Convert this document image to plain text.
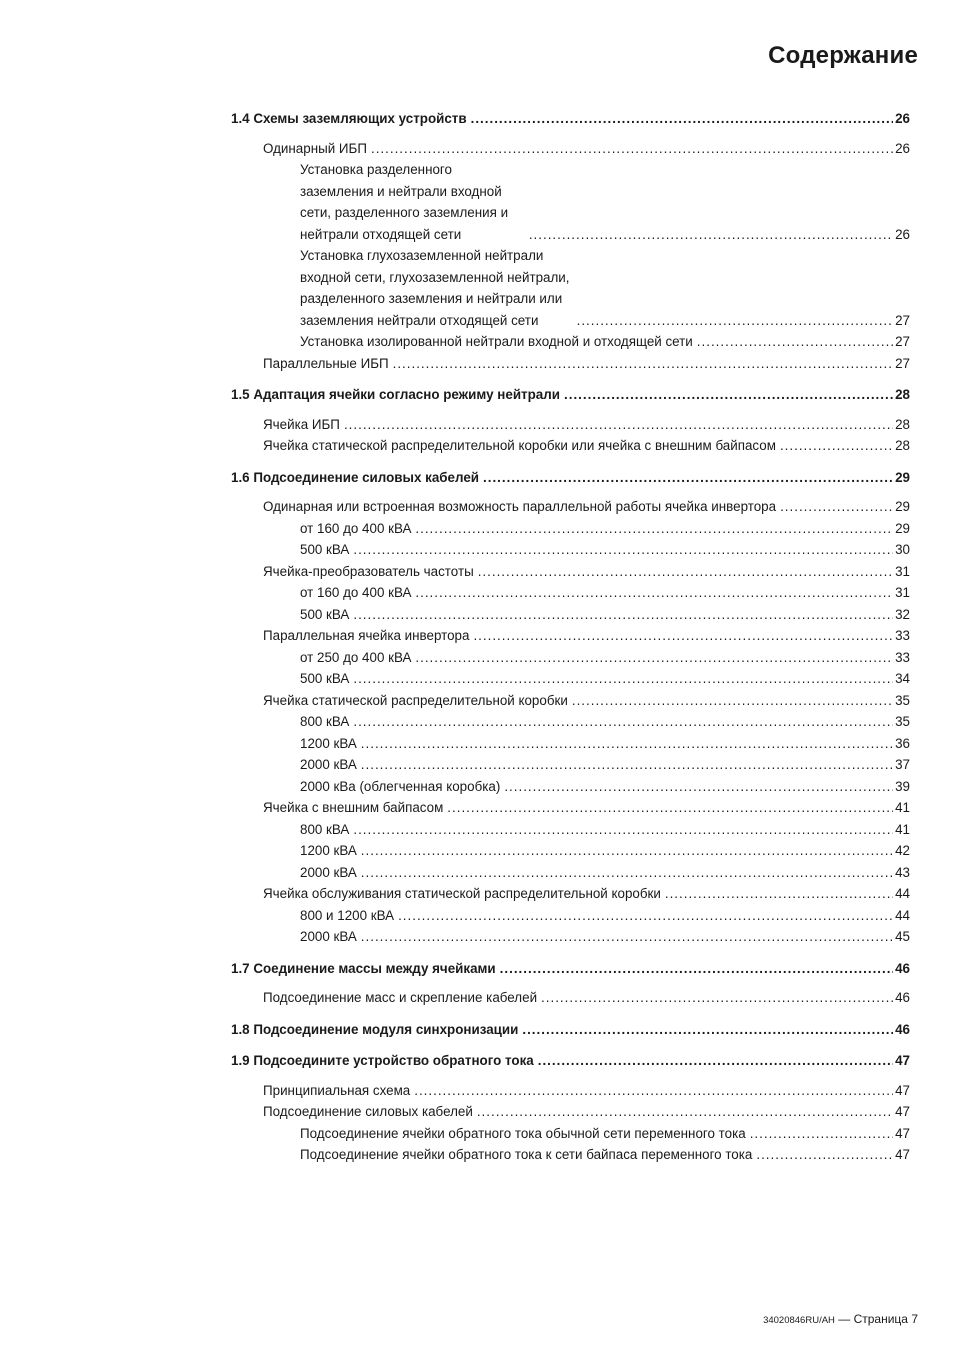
Содержание
1.4 Схемы заземляющих устройств .....	26
Одинарный ИБП .....	26
Установка разделенного заземления и нейтрали входной сети, разделенного заземления и нейтрали отходящей сети .....	26
Установка глухозаземленной нейтрали входной сети, глухозаземленной нейтрали, разделенного заземления и нейтрали или заземления нейтрали отходящей сети .....	27
Установка изолированной нейтрали входной и отходящей сети .....	27
Параллельные ИБП .....	27
1.5 Адаптация ячейки согласно режиму нейтрали .....	28
Ячейка ИБП .....	28
Ячейка статической распределительной коробки или ячейка с внешним байпасом .....	28
1.6 Подсоединение силовых кабелей .....	29
Одинарная или встроенная возможность параллельной работы ячейка инвертора .....	29
от 160 до 400 кВА .....	29
500 кВА .....	30
Ячейка-преобразователь частоты .....	31
от 160 до 400 кВА .....	31
500 кВА .....	32
Параллельная ячейка инвертора .....	33
от 250 до 400 кВА .....	33
500 кВА .....	34
Ячейка статической распределительной коробки .....	35
800 кВА .....	35
1200 кВА .....	36
2000 кВА .....	37
2000 кВа (облегченная коробка) .....	39
Ячейка с внешним байпасом .....	41
800 кВА .....	41
1200 кВА .....	42
2000 кВА .....	43
Ячейка обслуживания статической распределительной коробки .....	44
800 и 1200 кВА .....	44
2000 кВА .....	45
1.7 Соединение массы между ячейками .....	46
Подсоединение масс и скрепление кабелей .....	46
1.8 Подсоединение модуля синхронизации .....	46
1.9 Подсоедините устройство обратного тока .....	47
Принципиальная схема .....	47
Подсоединение силовых кабелей .....	47
Подсоединение ячейки обратного тока обычной сети переменного тока .....	47
Подсоединение ячейки обратного тока к сети байпаса переменного тока .....	47
34020846RU/AH — Страница 7
